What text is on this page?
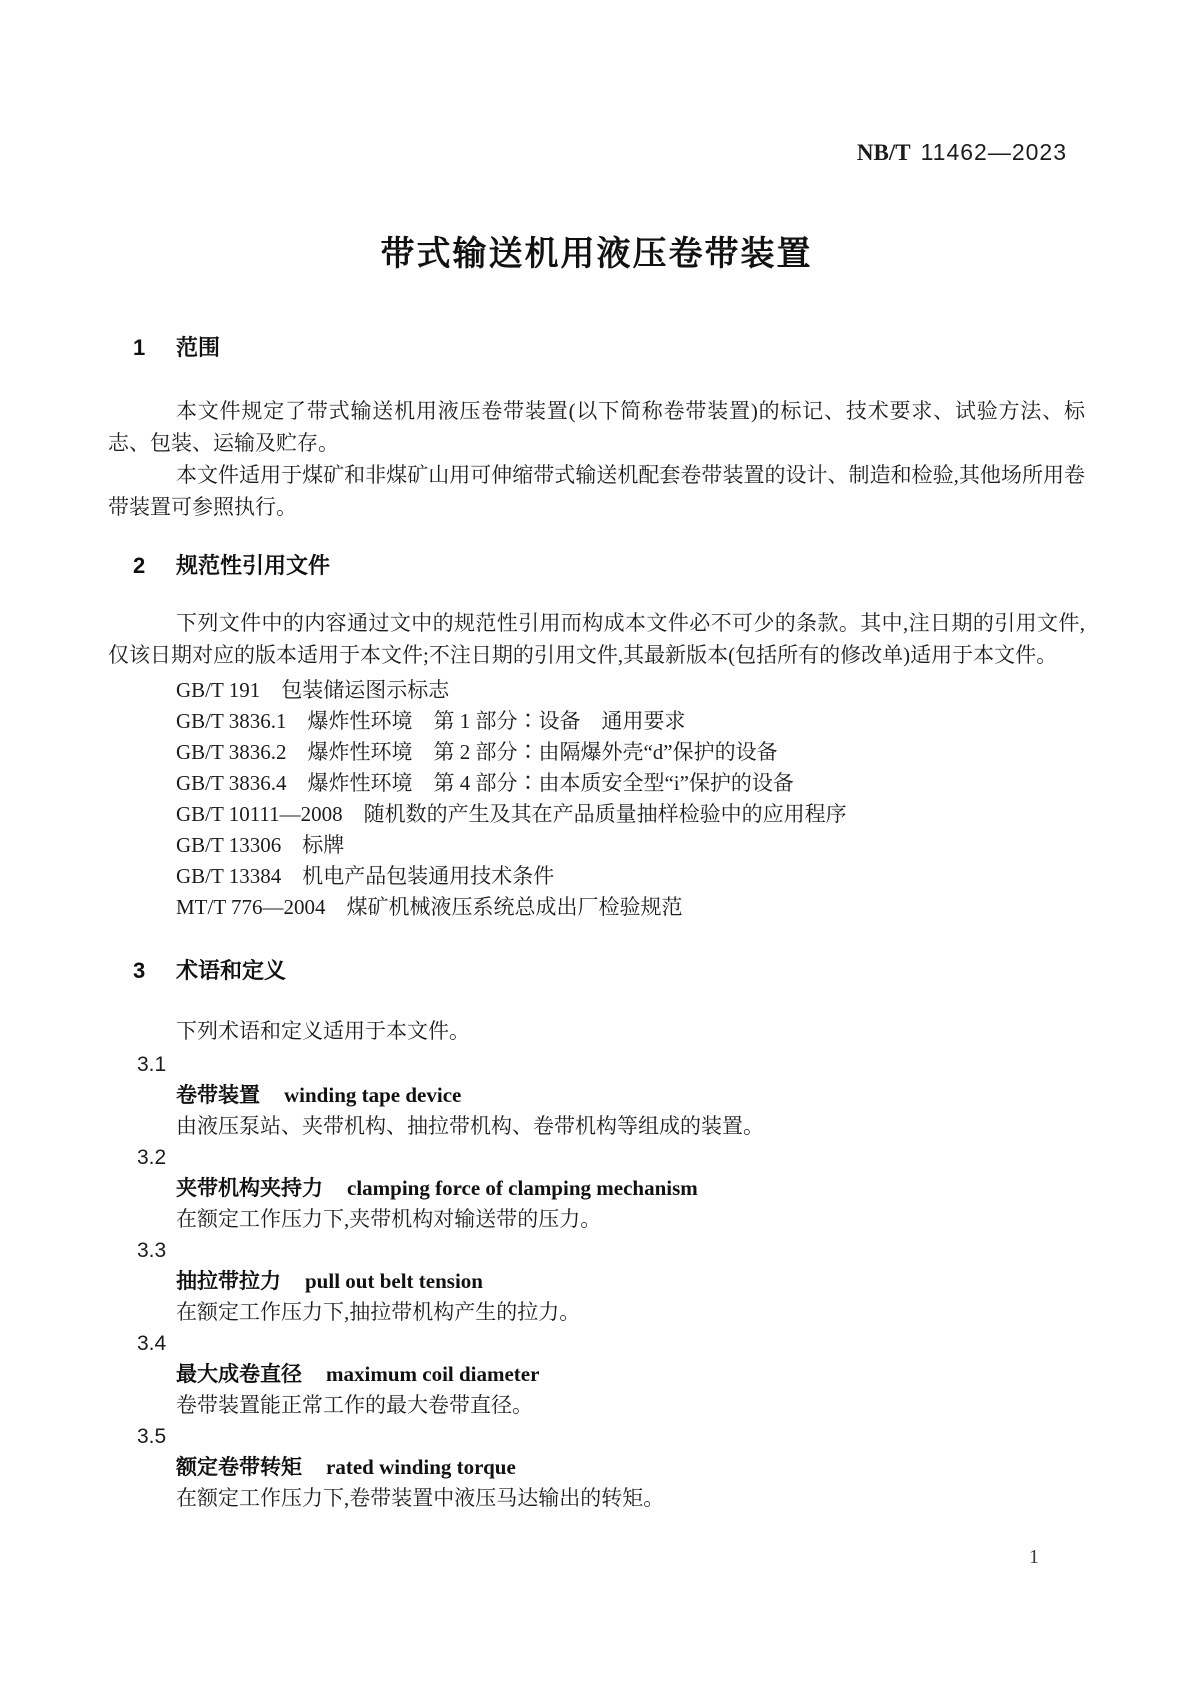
NB/T 11462—2023
带式输送机用液压卷带装置
1 范围

本文件规定了带式输送机用液压卷带装置(以下简称卷带装置)的标记、技术要求、试验方法、标志、包装、运输及贮存。

本文件适用于煤矿和非煤矿山用可伸缩带式输送机配套卷带装置的设计、制造和检验,其他场所用卷带装置可参照执行。

2 规范性引用文件

下列文件中的内容通过文中的规范性引用而构成本文件必不可少的条款。其中,注日期的引用文件,仅该日期对应的版本适用于本文件;不注日期的引用文件,其最新版本(包括所有的修改单)适用于本文件。

GB/T 191　包装储运图示标志
GB/T 3836.1　爆炸性环境　第 1 部分∶设备　通用要求
GB/T 3836.2　爆炸性环境　第 2 部分∶由隔爆外壳“d”保护的设备
GB/T 3836.4　爆炸性环境　第 4 部分∶由本质安全型“i”保护的设备
GB/T 10111—2008　随机数的产生及其在产品质量抽样检验中的应用程序
GB/T 13306　标牌
GB/T 13384　机电产品包装通用技术条件
MT/T 776—2004　煤矿机械液压系统总成出厂检验规范
3 术语和定义

下列术语和定义适用于本文件。

3.1
卷带装置 winding tape device
由液压泵站、夹带机构、抽拉带机构、卷带机构等组成的装置。
3.2
夹带机构夹持力 clamping force of clamping mechanism
在额定工作压力下,夹带机构对输送带的压力。
3.3
抽拉带拉力 pull out belt tension
在额定工作压力下,抽拉带机构产生的拉力。
3.4
最大成卷直径 maximum coil diameter
卷带装置能正常工作的最大卷带直径。
3.5
额定卷带转矩 rated winding torque
在额定工作压力下,卷带装置中液压马达输出的转矩。
1
